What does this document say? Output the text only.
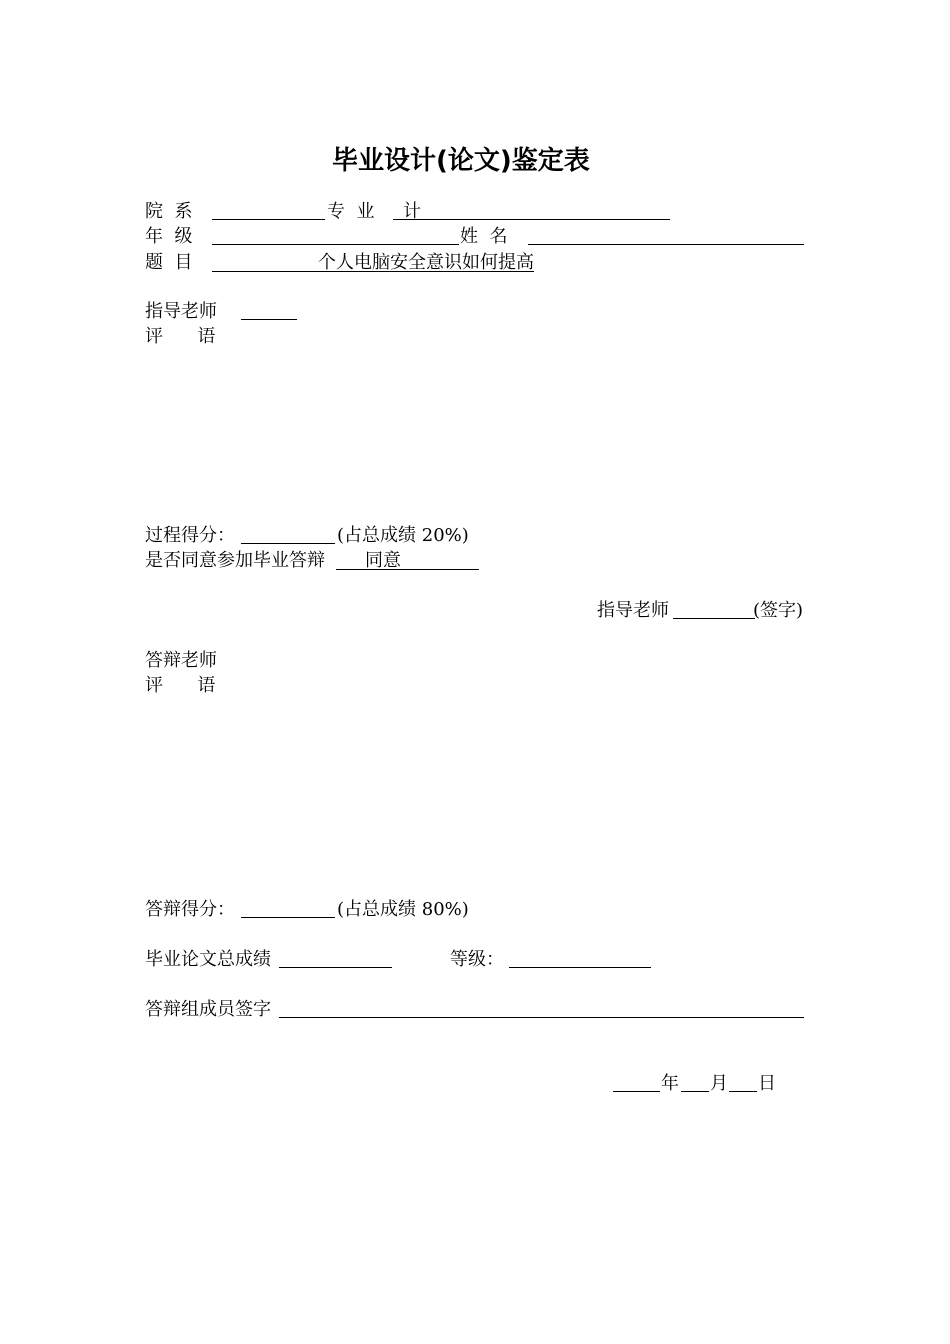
毕业设计(论文)鉴定表
院  系	专  业 计
年  级	姓  名
题  目	个人电脑安全意识如何提高
指导老师
评      语
过程得分：	(占总成绩 20%)
是否同意参加毕业答辩 同意
指导老师	(签字)
答辩老师
评      语
答辩得分：	(占总成绩 80%)
毕业论文总成绩	等级：
答辩组成员签字
年 月 日
